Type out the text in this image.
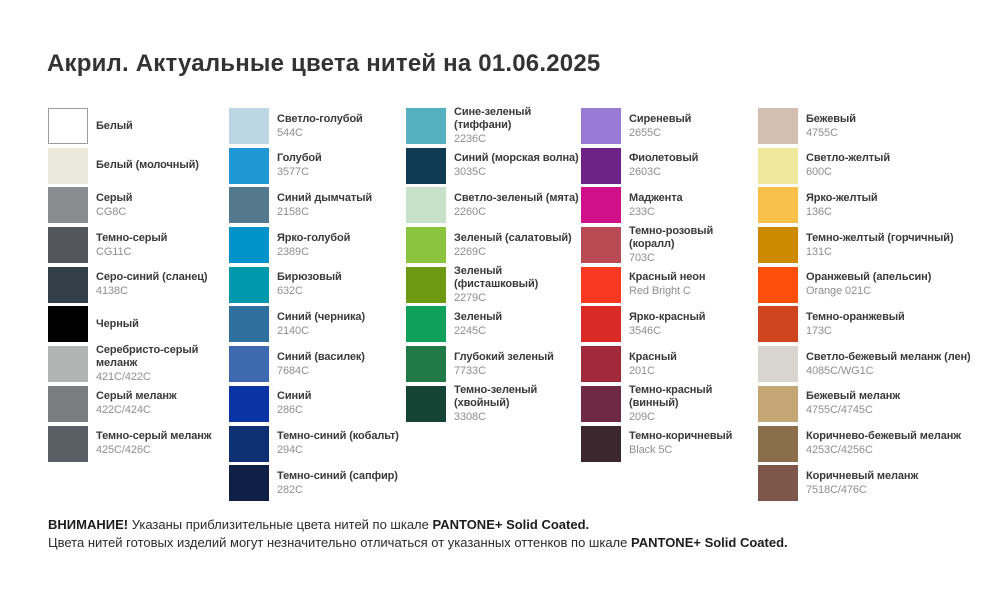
Акрил. Актуальные цвета нитей на 01.06.2025
Белый
Белый (молочный)
Серый
CG8C
Темно-серый
CG11C
Серо-синий (сланец)
4138C
Черный
Серебристо-серый меланж
421C/422C
Серый меланж
422C/424C
Темно-серый меланж
425C/426C
Светло-голубой
544C
Голубой
3577C
Синий дымчатый
2158C
Ярко-голубой
2389C
Бирюзовый
632C
Синий (черника)
2140C
Синий (василек)
7684C
Синий
286C
Темно-синий (кобальт)
294C
Темно-синий (сапфир)
282C
Сине-зеленый (тиффани)
2236C
Синий (морская волна)
3035C
Светло-зеленый (мята)
2260C
Зеленый (салатовый)
2269C
Зеленый (фисташковый)
2279C
Зеленый
2245C
Глубокий зеленый
7733C
Темно-зеленый (хвойный)
3308C
Сиреневый
2655C
Фиолетовый
2603C
Маджента
233C
Темно-розовый (коралл)
703C
Красный неон
Red Bright C
Ярко-красный
3546C
Красный
201C
Темно-красный (винный)
209C
Темно-коричневый
Black 5C
Бежевый
4755C
Светло-желтый
600C
Ярко-желтый
136C
Темно-желтый (горчичный)
131C
Оранжевый (апельсин)
Orange 021C
Темно-оранжевый
173C
Светло-бежевый меланж (лен)
4085C/WG1C
Бежевый меланж
4755C/4745C
Коричнево-бежевый меланж
4253C/4256C
Коричневый меланж
7518C/476C
ВНИМАНИЕ! Указаны приблизительные цвета нитей по шкале PANTONE+ Solid Coated.
Цвета нитей готовых изделий могут незначительно отличаться от указанных оттенков по шкале PANTONE+ Solid Coated.
